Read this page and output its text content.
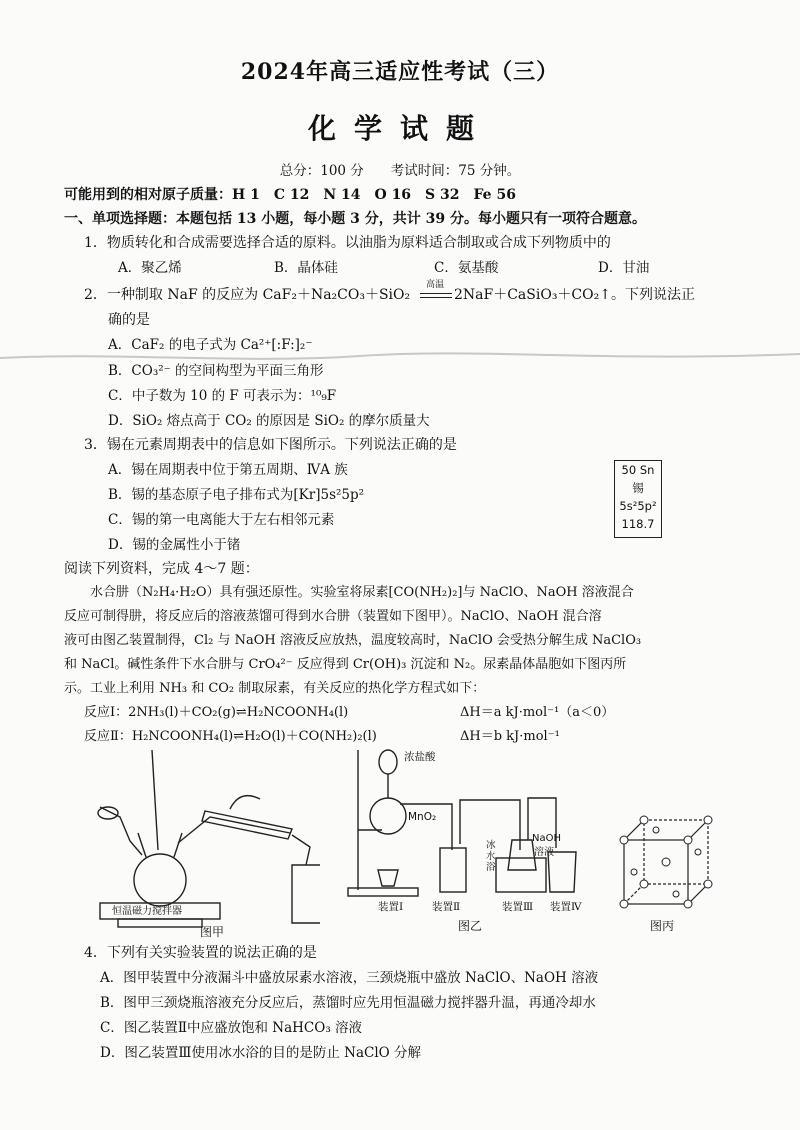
2024年高三适应性考试（三）
化学试题
总分：100 分　　考试时间：75 分钟。
可能用到的相对原子质量：H 1　C 12　N 14　O 16　S 32　Fe 56
一、单项选择题：本题包括 13 小题，每小题 3 分，共计 39 分。每小题只有一项符合题意。
1．物质转化和合成需要选择合适的原料。以油脂为原料适合制取或合成下列物质中的
A．聚乙烯	B．晶体硅	C．氨基酸	D．甘油
2．一种制取 NaF 的反应为 CaF₂＋Na₂CO₃＋SiO₂
高温
2NaF＋CaSiO₃＋CO₂↑。下列说法正
确的是
A．CaF₂ 的电子式为 Ca²⁺[:F:]₂⁻
B．CO₃²⁻ 的空间构型为平面三角形
C．中子数为 10 的 F 可表示为：¹⁰₉F
D．SiO₂ 熔点高于 CO₂ 的原因是 SiO₂ 的摩尔质量大
3．锡在元素周期表中的信息如下图所示。下列说法正确的是
A．锡在周期表中位于第五周期、ⅣA 族
B．锡的基态原子电子排布式为[Kr]5s²5p²
C．锡的第一电离能大于左右相邻元素
D．锡的金属性小于锗
50 Sn
锡
5s²5p²
118.7
阅读下列资料，完成 4～7 题：
　　水合肼（N₂H₄·H₂O）具有强还原性。实验室将尿素[CO(NH₂)₂]与 NaClO、NaOH 溶液混合
反应可制得肼，将反应后的溶液蒸馏可得到水合肼（装置如下图甲）。NaClO、NaOH 混合溶
液可由图乙装置制得，Cl₂ 与 NaOH 溶液反应放热，温度较高时，NaClO 会受热分解生成 NaClO₃
和 NaCl。碱性条件下水合肼与 CrO₄²⁻ 反应得到 Cr(OH)₃ 沉淀和 N₂。尿素晶体晶胞如下图丙所
示。工业上利用 NH₃ 和 CO₂ 制取尿素，有关反应的热化学方程式如下：
反应Ⅰ：2NH₃(l)＋CO₂(g)⇌H₂NCOONH₄(l)	ΔH＝a kJ·mol⁻¹（a＜0）
反应Ⅱ：H₂NCOONH₄(l)⇌H₂O(l)＋CO(NH₂)₂(l)	ΔH＝b kJ·mol⁻¹
恒温磁力搅拌器
图甲
浓盐酸
MnO₂
NaOH
溶液
冰水浴
装置Ⅰ	装置Ⅱ	装置Ⅲ 装置Ⅳ
图乙	图丙
4．下列有关实验装置的说法正确的是
A．图甲装置中分液漏斗中盛放尿素水溶液，三颈烧瓶中盛放 NaClO、NaOH 溶液
B．图甲三颈烧瓶溶液充分反应后，蒸馏时应先用恒温磁力搅拌器升温，再通冷却水
C．图乙装置Ⅱ中应盛放饱和 NaHCO₃ 溶液
D．图乙装置Ⅲ使用冰水浴的目的是防止 NaClO 分解
